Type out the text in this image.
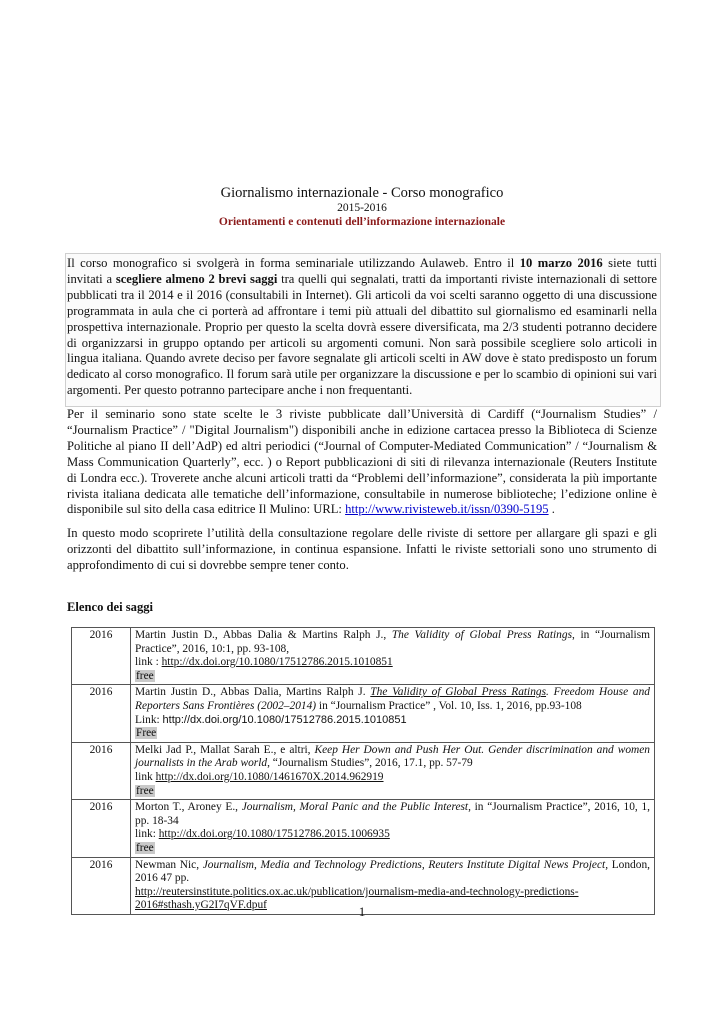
Giornalismo internazionale - Corso monografico
2015-2016
Orientamenti e contenuti dell’informazione internazionale
Il corso monografico si svolgerà in forma seminariale utilizzando Aulaweb. Entro il 10 marzo 2016 siete tutti invitati a scegliere almeno 2 brevi saggi tra quelli qui segnalati, tratti da importanti riviste internazionali di settore pubblicati tra il 2014 e il 2016 (consultabili in Internet). Gli articoli da voi scelti saranno oggetto di una discussione programmata in aula che ci porterà ad affrontare i temi più attuali del dibattito sul giornalismo ed esaminarli nella prospettiva internazionale. Proprio per questo la scelta dovrà essere diversificata, ma 2/3 studenti potranno decidere di organizzarsi in gruppo optando per articoli su argomenti comuni. Non sarà possibile scegliere solo articoli in lingua italiana. Quando avrete deciso per favore segnalate gli articoli scelti in AW dove è stato predisposto un forum dedicato al corso monografico. Il forum sarà utile per organizzare la discussione e per lo scambio di opinioni sui vari argomenti. Per questo potranno partecipare anche i non frequentanti.
Per il seminario sono state scelte le 3 riviste pubblicate dall’Università di Cardiff (“Journalism Studies” / “Journalism Practice” / "Digital Journalism") disponibili anche in edizione cartacea presso la Biblioteca di Scienze Politiche al piano II dell’AdP) ed altri periodici (“Journal of Computer-Mediated Communication” / “Journalism & Mass Communication Quarterly”, ecc. ) o Report pubblicazioni di siti di rilevanza internazionale (Reuters Institute di Londra ecc.). Troverete anche alcuni articoli tratti da “Problemi dell’informazione”, considerata la più importante rivista italiana dedicata alle tematiche dell’informazione, consultabile in numerose biblioteche; l’edizione online è disponibile sul sito della casa editrice Il Mulino: URL: http://www.rivisteweb.it/issn/0390-5195 .
In questo modo scoprirete l’utilità della consultazione regolare delle riviste di settore per allargare gli spazi e gli orizzonti del dibattito sull’informazione, in continua espansione. Infatti le riviste settoriali sono uno strumento di approfondimento di cui si dovrebbe sempre tener conto.
Elenco dei saggi
2016	Martin Justin D., Abbas Dalia & Martins Ralph J., The Validity of Global Press Ratings, in “Journalism Practice”, 2016, 10:1, pp. 93-108,
link : http://dx.doi.org/10.1080/17512786.2015.1010851
free
2016	Martin Justin D., Abbas Dalia, Martins Ralph J. The Validity of Global Press Ratings. Freedom House and Reporters Sans Frontières (2002–2014) in “Journalism Practice” , Vol. 10, Iss. 1, 2016, pp.93-108
Link: http://dx.doi.org/10.1080/17512786.2015.1010851
Free
2016	Melki Jad P., Mallat Sarah E., e altri, Keep Her Down and Push Her Out. Gender discrimination and women journalists in the Arab world, “Journalism Studies”, 2016, 17.1, pp. 57-79
link http://dx.doi.org/10.1080/1461670X.2014.962919
free
2016	Morton T., Aroney E., Journalism, Moral Panic and the Public Interest, in “Journalism Practice”, 2016, 10, 1, pp. 18-34
link: http://dx.doi.org/10.1080/17512786.2015.1006935
free
2016	Newman Nic, Journalism, Media and Technology Predictions, Reuters Institute Digital News Project, London, 2016 47 pp.
http://reutersinstitute.politics.ox.ac.uk/publication/journalism-media-and-technology-predictions-2016#sthash.yG2I7qVF.dpuf	1
